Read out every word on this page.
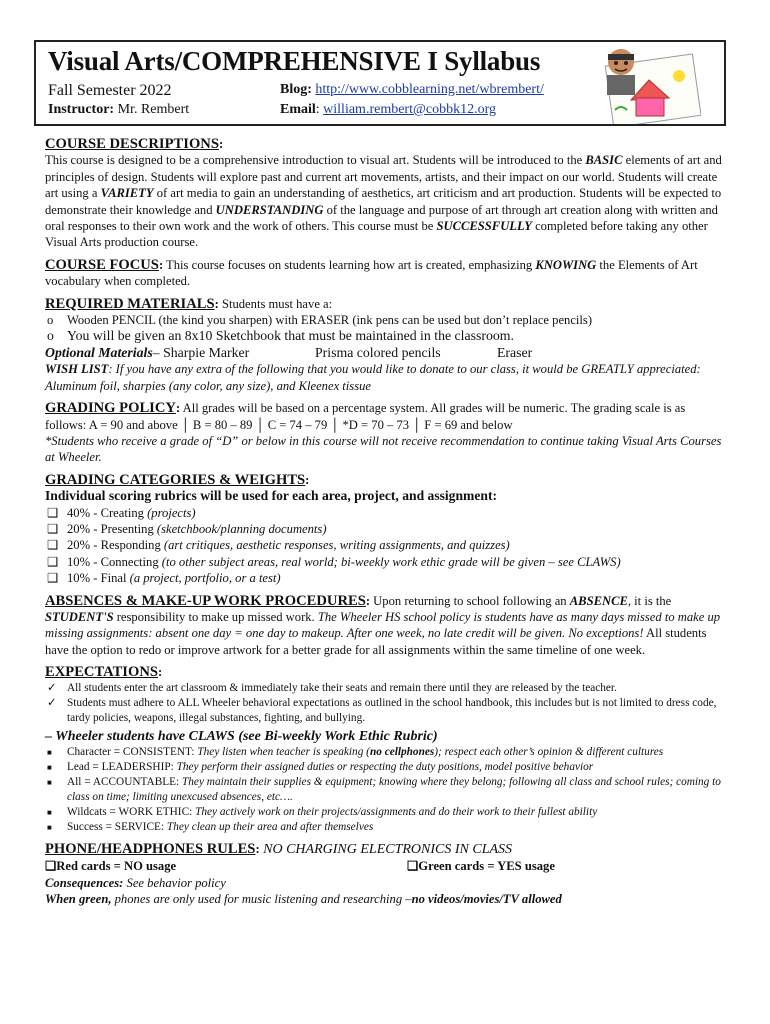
Visual Arts/COMPREHENSIVE I Syllabus
Fall Semester 2022
Instructor: Mr. Rembert
Blog: http://www.cobblearning.net/wbrembert/
Email: william.rembert@cobbk12.org

COURSE DESCRIPTIONS:

This course is designed to be a comprehensive introduction to visual art. Students will be introduced to the BASIC elements of art and principles of design. Students will explore past and current art movements, artists, and their impact on our world. Students will create art using a VARIETY of art media to gain an understanding of aesthetics, art criticism and art production. Students will be expected to demonstrate their knowledge and UNDERSTANDING of the language and purpose of art through art creation along with written and oral responses to their own work and the work of others. This course must be SUCCESSFULLY completed before taking any other Visual Arts production course.

COURSE FOCUS: This course focuses on students learning how art is created, emphasizing KNOWING the Elements of Art vocabulary when completed.

REQUIRED MATERIALS: Students must have a:

o Wooden PENCIL (the kind you sharpen) with ERASER (ink pens can be used but don’t replace pencils)

o You will be given an 8x10 Sketchbook that must be maintained in the classroom.

Optional Materials– Sharpie Marker	Prisma colored pencils	Eraser

WISH LIST: If you have any extra of the following that you would like to donate to our class, it would be GREATLY appreciated: Aluminum foil, sharpies (any color, any size), and Kleenex tissue

GRADING POLICY: All grades will be based on a percentage system. All grades will be numeric. The grading scale is as follows: A = 90 and above │ B = 80 – 89 │ C = 74 – 79 │ *D = 70 – 73 │ F = 69 and below

*Students who receive a grade of “D” or below in this course will not receive recommendation to continue taking Visual Arts Courses at Wheeler.

GRADING CATEGORIES & WEIGHTS:

Individual scoring rubrics will be used for each area, project, and assignment:

❑ 40% - Creating (projects)

❑ 20% - Presenting (sketchbook/planning documents)

❑ 20% - Responding (art critiques, aesthetic responses, writing assignments, and quizzes)

❑ 10% - Connecting (to other subject areas, real world; bi-weekly work ethic grade will be given – see CLAWS)

❑ 10% - Final (a project, portfolio, or a test)

ABSENCES & MAKE-UP WORK PROCEDURES: Upon returning to school following an ABSENCE, it is the STUDENT'S responsibility to make up missed work. The Wheeler HS school policy is students have as many days missed to make up missing assignments: absent one day = one day to makeup. After one week, no late credit will be given. No exceptions! All students have the option to redo or improve artwork for a better grade for all assignments within the same timeline of one week.

EXPECTATIONS:

✓ All students enter the art classroom & immediately take their seats and remain there until they are released by the teacher.

✓ Students must adhere to ALL Wheeler behavioral expectations as outlined in the school handbook, this includes but is not limited to dress code, tardy policies, weapons, illegal substances, fighting, and bullying.

– Wheeler students have CLAWS (see Bi-weekly Work Ethic Rubric)

■ Character = CONSISTENT: They listen when teacher is speaking (no cellphones); respect each other’s opinion & different cultures

■ Lead = LEADERSHIP: They perform their assigned duties or respecting the duty positions, model positive behavior

■ All = ACCOUNTABLE: They maintain their supplies & equipment; knowing where they belong; following all class and school rules; coming to class on time; limiting unexcused absences, etc….

■ Wildcats = WORK ETHIC: They actively work on their projects/assignments and do their work to their fullest ability

■ Success = SERVICE: They clean up their area and after themselves

PHONE/HEADPHONES RULES: NO CHARGING ELECTRONICS IN CLASS

❑Red cards = NO usage	❑Green cards = YES usage

Consequences: See behavior policy

When green, phones are only used for music listening and researching –no videos/movies/TV allowed
